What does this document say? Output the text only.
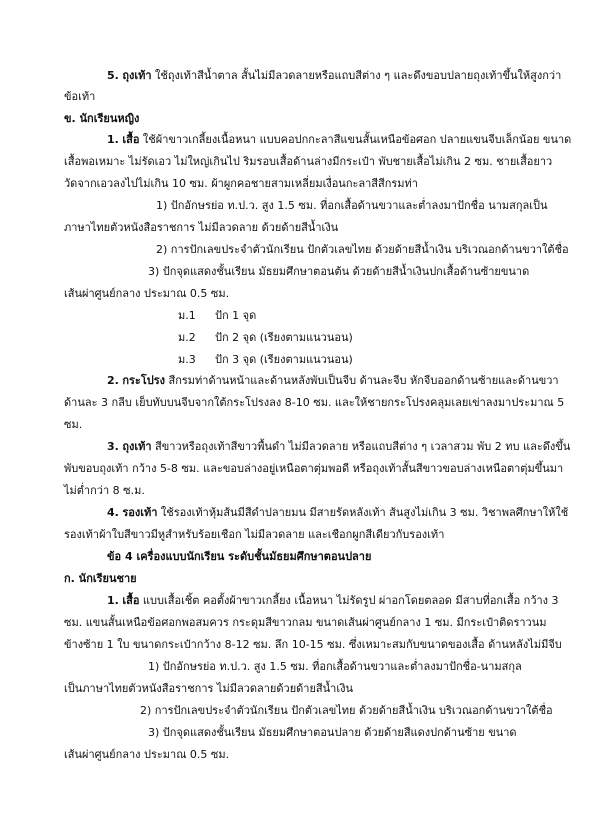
5. ถุงเท้า ใช้ถุงเท้าสีน้ำตาล สั้นไม่มีลวดลายหรือแถบสีต่าง ๆ และดึงขอบปลายถุงเท้าขึ้นให้สูงกว่า
ข้อเท้า
ข. นักเรียนหญิง
1. เสื้อ ใช้ผ้าขาวเกลี้ยงเนื้อหนา แบบคอปกกะลาสีแขนสั้นเหนือข้อศอก ปลายแขนจีบเล็กน้อย ขนาด
เสื้อพอเหมาะ ไม่รัดเอว ไม่ใหญ่เกินไป ริมรอบเสื้อด้านล่างมีกระเป๋า พับชายเสื้อไม่เกิน 2 ซม. ชายเสื้อยาว
วัดจากเอวลงไปไม่เกิน 10 ซม. ผ้าผูกคอชายสามเหลี่ยมเงื่อนกะลาสีสีกรมท่า
1) ปักอักษรย่อ ท.ป.ว. สูง 1.5 ซม. ที่อกเสื้อด้านขวาและต่ำลงมาปักชื่อ นามสกุลเป็น
ภาษาไทยตัวหนังสือราชการ ไม่มีลวดลาย ด้วยด้ายสีน้ำเงิน
2) การปักเลขประจำตัวนักเรียน ปักตัวเลขไทย ด้วยด้ายสีน้ำเงิน บริเวณอกด้านขวาใต้ชื่อ
3) ปักจุดแสดงชั้นเรียน มัธยมศึกษาตอนต้น ด้วยด้ายสีน้ำเงินปกเสื้อด้านซ้ายขนาด
เส้นผ่าศูนย์กลาง ประมาณ 0.5 ซม.
ม.1 ปัก 1 จุด
ม.2 ปัก 2 จุด (เรียงตามแนวนอน)
ม.3 ปัก 3 จุด (เรียงตามแนวนอน)
2. กระโปรง สีกรมท่าด้านหน้าและด้านหลังพับเป็นจีบ ด้านละจีบ หักจีบออกด้านซ้ายและด้านขวา
ด้านละ 3 กลีบ เย็บทับบนจีบจากใต้กระโปรงลง 8-10 ซม. และให้ชายกระโปรงคลุมเลยเข่าลงมาประมาณ 5
ซม.
3. ถุงเท้า สีขาวหรือถุงเท้าสีขาวพื้นดำ ไม่มีลวดลาย หรือแถบสีต่าง ๆ เวลาสวม พับ 2 ทบ และดึงขึ้น
พับขอบถุงเท้า กว้าง 5-8 ซม. และขอบล่างอยู่เหนือตาตุ่มพอดี หรือถุงเท้าสั้นสีขาวขอบล่างเหนือตาตุ่มขึ้นมา
ไม่ต่ำกว่า 8 ซ.ม.
4. รองเท้า ใช้รองเท้าหุ้มส้นมีสีดำปลายมน มีสายรัดหลังเท้า ส้นสูงไม่เกิน 3 ซม. วิชาพลศึกษาให้ใช้
รองเท้าผ้าใบสีขาวมีหูสำหรับร้อยเชือก ไม่มีลวดลาย และเชือกผูกสีเดียวกับรองเท้า
ข้อ 4 เครื่องแบบนักเรียน ระดับชั้นมัธยมศึกษาตอนปลาย
ก. นักเรียนชาย
1. เสื้อ แบบเสื้อเชิ้ต คอตั้งผ้าขาวเกลี้ยง เนื้อหนา ไม่รัดรูป ผ่าอกโดยตลอด มีสาบที่อกเสื้อ กว้าง 3
ซม. แขนสั้นเหนือข้อศอกพอสมควร กระดุมสีขาวกลม ขนาดเส้นผ่าศูนย์กลาง 1 ซม. มีกระเป๋าติดราวนม
ข้างซ้าย 1 ใบ ขนาดกระเป๋ากว้าง 8-12 ซม. ลึก 10-15 ซม. ซึ่งเหมาะสมกับขนาดของเสื้อ ด้านหลังไม่มีจีบ
1) ปักอักษรย่อ ท.ป.ว. สูง 1.5 ซม. ที่อกเสื้อด้านขวาและต่ำลงมาปักชื่อ-นามสกุล
เป็นภาษาไทยตัวหนังสือราชการ ไม่มีลวดลายด้วยด้ายสีน้ำเงิน
2) การปักเลขประจำตัวนักเรียน ปักตัวเลขไทย ด้วยด้ายสีน้ำเงิน บริเวณอกด้านขวาใต้ชื่อ
3) ปักจุดแสดงชั้นเรียน มัธยมศึกษาตอนปลาย ด้วยด้ายสีแดงปกด้านซ้าย ขนาด
เส้นผ่าศูนย์กลาง ประมาณ 0.5 ซม.
